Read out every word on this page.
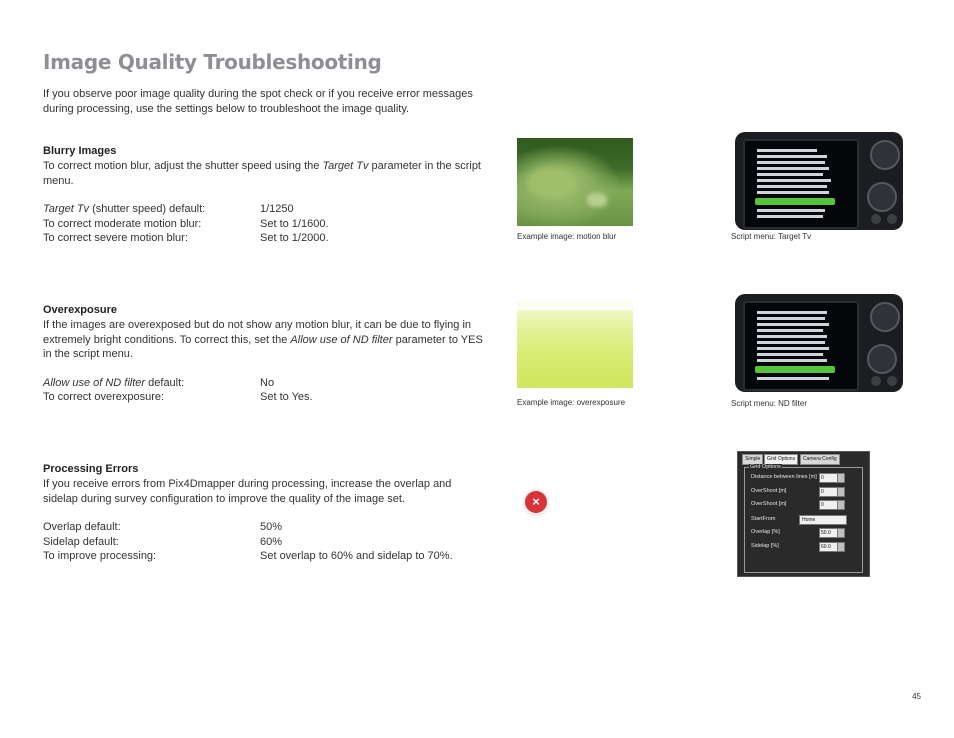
Image Quality Troubleshooting
If you observe poor image quality during the spot check or if you receive error messages during processing, use the settings below to troubleshoot the image quality.
Blurry Images
To correct motion blur, adjust the shutter speed using the Target Tv parameter in the script menu.
Target Tv (shutter speed) default:	1/1250
To correct moderate motion blur:	Set to 1/1600.
To correct severe motion blur:	Set to 1/2000.	Example image: motion blur	Script menu: Target Tv
Overexposure
If the images are overexposed but do not show any motion blur, it can be due to flying in extremely bright conditions. To correct this, set the Allow use of ND filter parameter to YES in the script menu.
Allow use of ND filter default:	No
To correct overexposure:	Set to Yes.	Example image: overexposure	Script menu: ND filter
Processing Errors
If you receive errors from Pix4Dmapper during processing, increase the overlap and sidelap during survey configuration to improve the quality of the image set.
Overlap default:	50%
Sidelap default:	60%
To improve processing:	Set overlap to 60% and sidelap to 70%.
×
Simple	Grid Options	Camera Config
Grid Options
Distance between lines [m] 0
OverShoot [m]	0
OverShoot [m]	0
StartFrom	Home
Overlap [%]	50.0
Sidelap [%]	60.0
45
